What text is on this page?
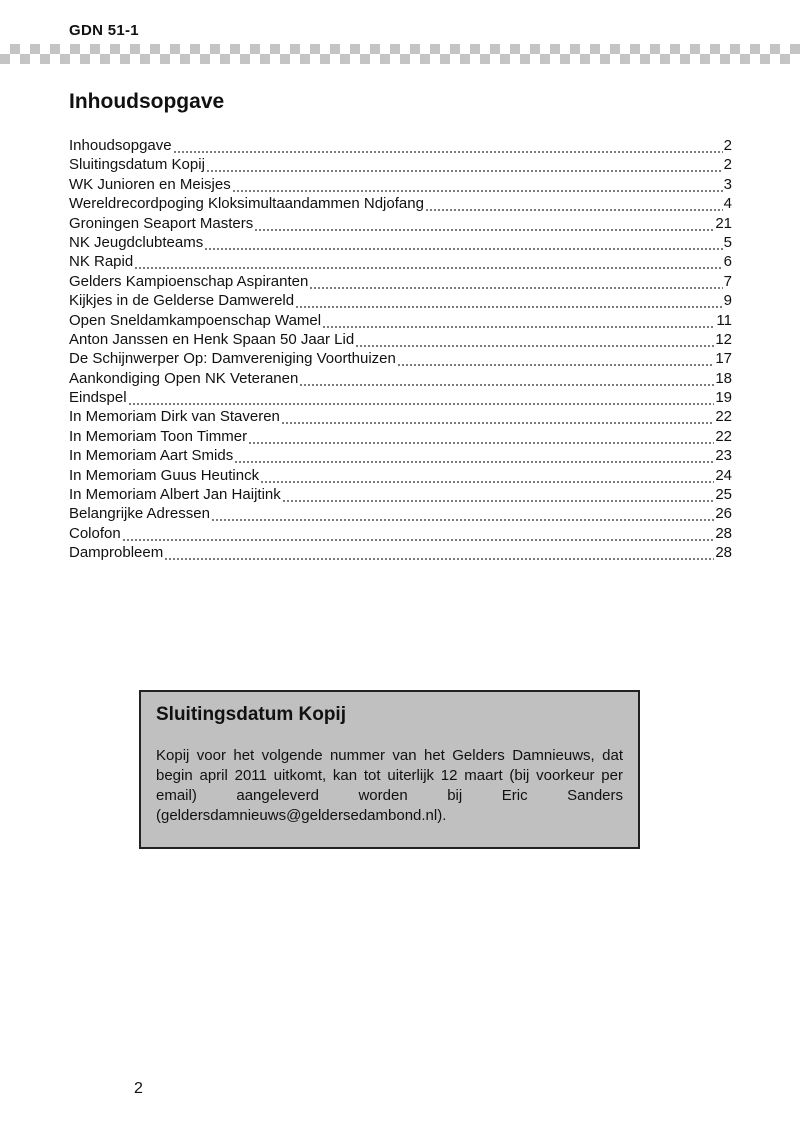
GDN 51-1
Inhoudsopgave
Inhoudsopgave	2
Sluitingsdatum Kopij	2
WK Junioren en Meisjes	3
Wereldrecordpoging Kloksimultaandammen Ndjofang	4
Groningen Seaport Masters	21
NK Jeugdclubteams	5
NK Rapid	6
Gelders Kampioenschap Aspiranten	7
Kijkjes in de Gelderse Damwereld	9
Open Sneldamkampoenschap Wamel	11
Anton Janssen en Henk Spaan 50 Jaar Lid	12
De Schijnwerper Op: Damvereniging Voorthuizen	17
Aankondiging Open NK Veteranen	18
Eindspel	19
In Memoriam Dirk van Staveren	22
In Memoriam Toon Timmer	22
In Memoriam Aart Smids	23
In Memoriam Guus Heutinck	24
In Memoriam Albert Jan Haijtink	25
Belangrijke Adressen	26
Colofon	28
Damprobleem	28
Sluitingsdatum Kopij

Kopij voor het volgende nummer van het Gelders Damnieuws, dat begin april 2011 uitkomt, kan tot uiterlijk 12 maart (bij voorkeur per email) aangeleverd worden bij Eric Sanders (geldersdamnieuws@geldersedambond.nl).

2
